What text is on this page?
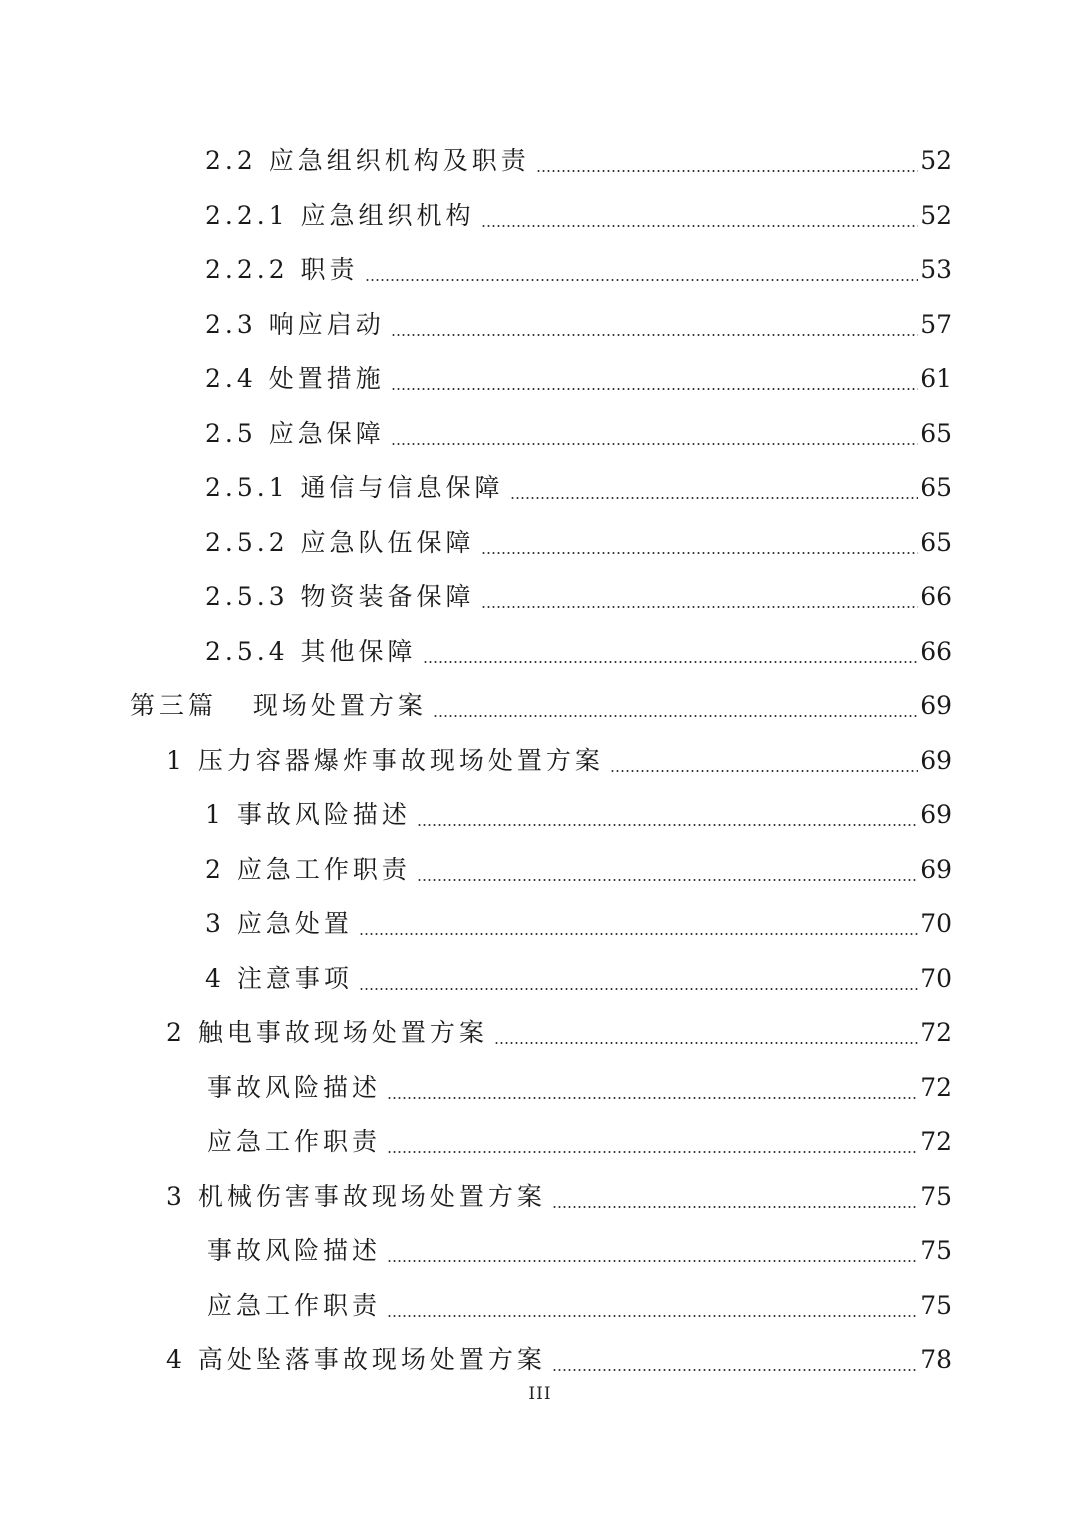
2.2 应急组织机构及职责	52
2.2.1 应急组织机构	52
2.2.2 职责	53
2.3 响应启动	57
2.4 处置措施	61
2.5 应急保障	65
2.5.1 通信与信息保障	65
2.5.2 应急队伍保障	65
2.5.3 物资装备保障	66
2.5.4 其他保障	66
第三篇   现场处置方案	69
1 压力容器爆炸事故现场处置方案	69
1 事故风险描述	69
2 应急工作职责	69
3 应急处置	70
4 注意事项	70
2 触电事故现场处置方案	72
事故风险描述	72
应急工作职责	72
3 机械伤害事故现场处置方案	75
事故风险描述	75
应急工作职责	75
4 高处坠落事故现场处置方案	78
III
